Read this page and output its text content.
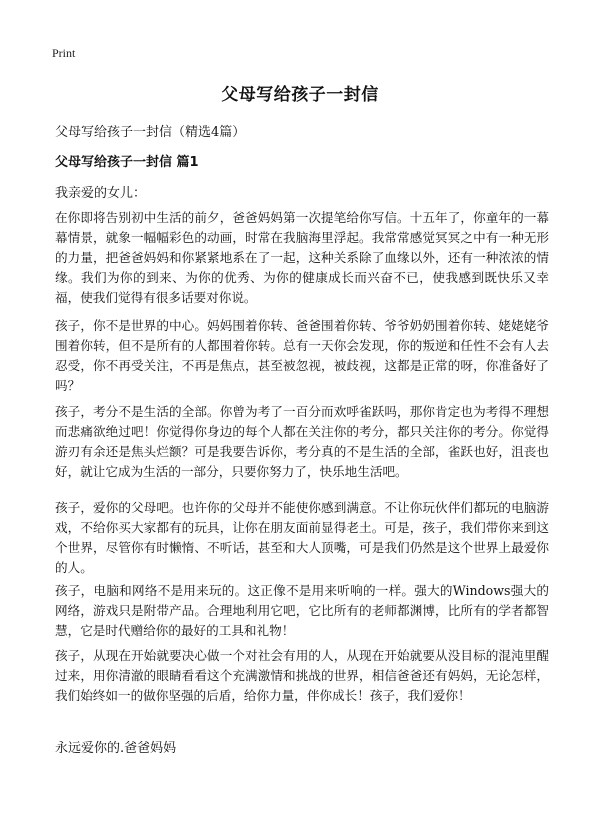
Print
父母写给孩子一封信
父母写给孩子一封信（精选4篇）
父母写给孩子一封信 篇1
我亲爱的女儿：

在你即将告别初中生活的前夕，爸爸妈妈第一次提笔给你写信。十五年了，你童年的一幕幕情景，就象一幅幅彩色的动画，时常在我脑海里浮起。我常常感觉冥冥之中有一种无形的力量，把爸爸妈妈和你紧紧地系在了一起，这种关系除了血缘以外，还有一种浓浓的情缘。我们为你的到来、为你的优秀、为你的健康成长而兴奋不已，使我感到既快乐又幸福，使我们觉得有很多话要对你说。

孩子，你不是世界的中心。妈妈围着你转、爸爸围着你转、爷爷奶奶围着你转、姥姥姥爷围着你转，但不是所有的人都围着你转。总有一天你会发现，你的叛逆和任性不会有人去忍受，你不再受关注，不再是焦点，甚至被忽视，被歧视，这都是正常的呀，你准备好了吗？

孩子，考分不是生活的全部。你曾为考了一百分而欢呼雀跃吗，那你肯定也为考得不理想而悲痛欲绝过吧！你觉得你身边的每个人都在关注你的考分，都只关注你的考分。你觉得游刃有余还是焦头烂额？可是我要告诉你，考分真的不是生活的全部，雀跃也好，沮丧也好，就让它成为生活的一部分，只要你努力了，快乐地生活吧。

孩子，爱你的父母吧。也许你的父母并不能使你感到满意。不让你玩伙伴们都玩的电脑游戏，不给你买大家都有的玩具，让你在朋友面前显得老土。可是，孩子，我们带你来到这个世界，尽管你有时懒惰、不听话，甚至和大人顶嘴，可是我们仍然是这个世界上最爱你的人。

孩子，电脑和网络不是用来玩的。这正像不是用来听响的一样。强大的Windows强大的网络，游戏只是附带产品。合理地利用它吧，它比所有的老师都渊博，比所有的学者都智慧，它是时代赠给你的最好的工具和礼物！

孩子，从现在开始就要决心做一个对社会有用的人，从现在开始就要从没目标的混沌里醒过来，用你清澈的眼睛看看这个充满激情和挑战的世界，相信爸爸还有妈妈，无论怎样，我们始终如一的做你坚强的后盾，给你力量，伴你成长！孩子，我们爱你！

永远爱你的.爸爸妈妈
